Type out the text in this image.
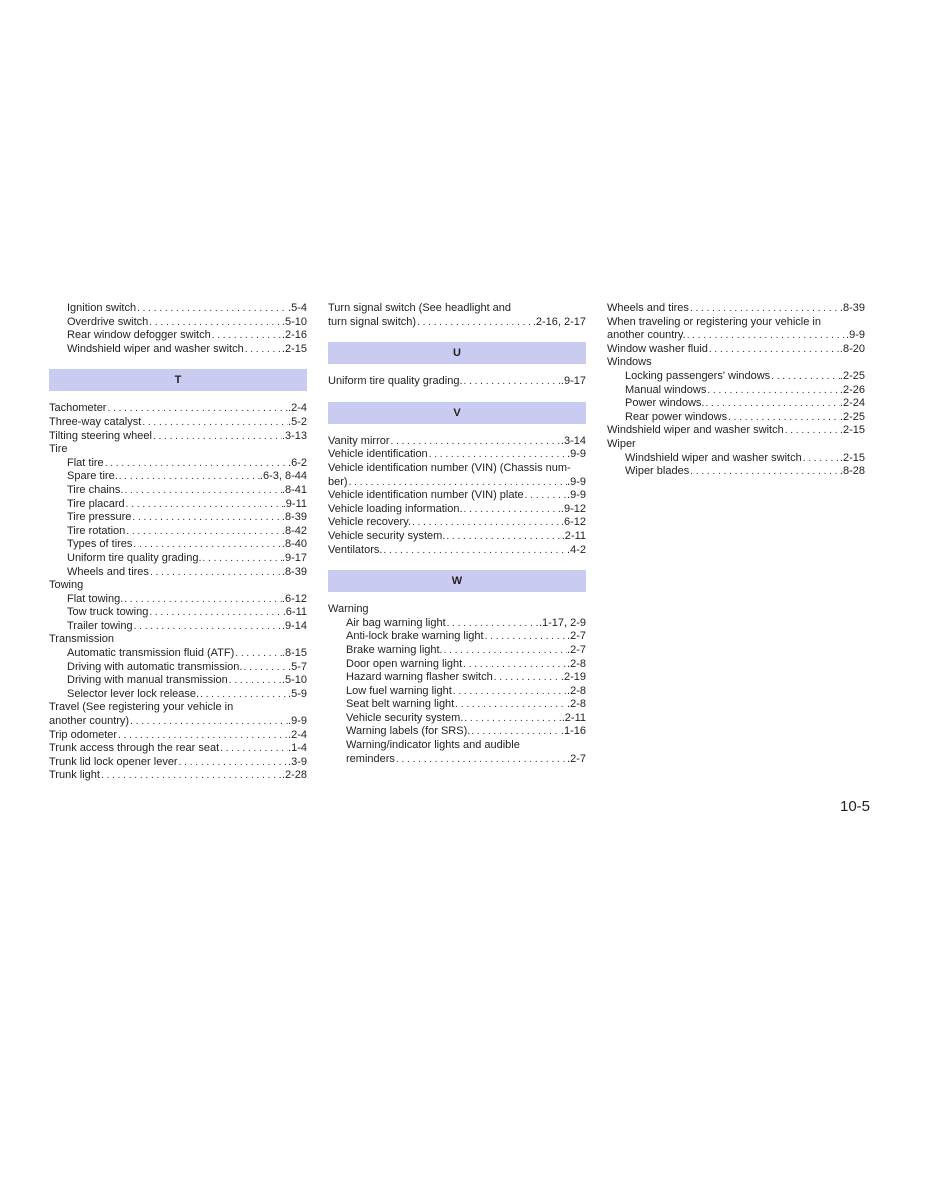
Ignition switch . . .	.5-4
Overdrive switch . . .	.5-10
Rear window defogger switch . . .	.2-16
Windshield wiper and washer switch . . .	.2-15
T
Tachometer . . .	.2-4
Three-way catalyst . . .	.5-2
Tilting steering wheel . . .	.3-13
Tire
Flat tire . . .	.6-2
Spare tire. . . .	.6-3, 8-44
Tire chains. . . .	.8-41
Tire placard . . .	.9-11
Tire pressure . . .	.8-39
Tire rotation . . .	.8-42
Types of tires . . .	.8-40
Uniform tire quality grading. . . .	.9-17
Wheels and tires . . .	.8-39
Towing
Flat towing. . . .	.6-12
Tow truck towing . . .	.6-11
Trailer towing . . .	.9-14
Transmission
Automatic transmission fluid (ATF) . . .	.8-15
Driving with automatic transmission. . . .	.5-7
Driving with manual transmission . . .	.5-10
Selector lever lock release. . . .	.5-9
Travel (See registering your vehicle in
another country) . . .	.9-9
Trip odometer . . .	.2-4
Trunk access through the rear seat . . .	.1-4
Trunk lid lock opener lever . . .	.3-9
Trunk light . . .	.2-28
Turn signal switch (See headlight and
turn signal switch) . . .	.2-16, 2-17
U
Uniform tire quality grading. . . .	.9-17
V
Vanity mirror . . .	.3-14
Vehicle identification . . .	.9-9
Vehicle identification number (VIN) (Chassis num-
ber) . . .	.9-9
Vehicle identification number (VIN) plate . . .	.9-9
Vehicle loading information. . . .	.9-12
Vehicle recovery. . . .	.6-12
Vehicle security system. . . .	.2-11
Ventilators. . . .	.4-2
W
Warning
Air bag warning light . . .	.1-17, 2-9
Anti-lock brake warning light . . .	.2-7
Brake warning light. . . .	.2-7
Door open warning light . . .	.2-8
Hazard warning flasher switch . . .	.2-19
Low fuel warning light . . .	.2-8
Seat belt warning light . . .	.2-8
Vehicle security system. . . .	.2-11
Warning labels (for SRS). . . .	.1-16
Warning/indicator lights and audible
reminders . . .	.2-7
Wheels and tires . . .	.8-39
When traveling or registering your vehicle in
another country. . . .	.9-9
Window washer fluid . . .	.8-20
Windows
Locking passengers' windows . . .	.2-25
Manual windows . . .	.2-26
Power windows. . . .	.2-24
Rear power windows . . .	.2-25
Windshield wiper and washer switch . . .	.2-15
Wiper
Windshield wiper and washer switch . . .	.2-15
Wiper blades . . .	.8-28
10-5
